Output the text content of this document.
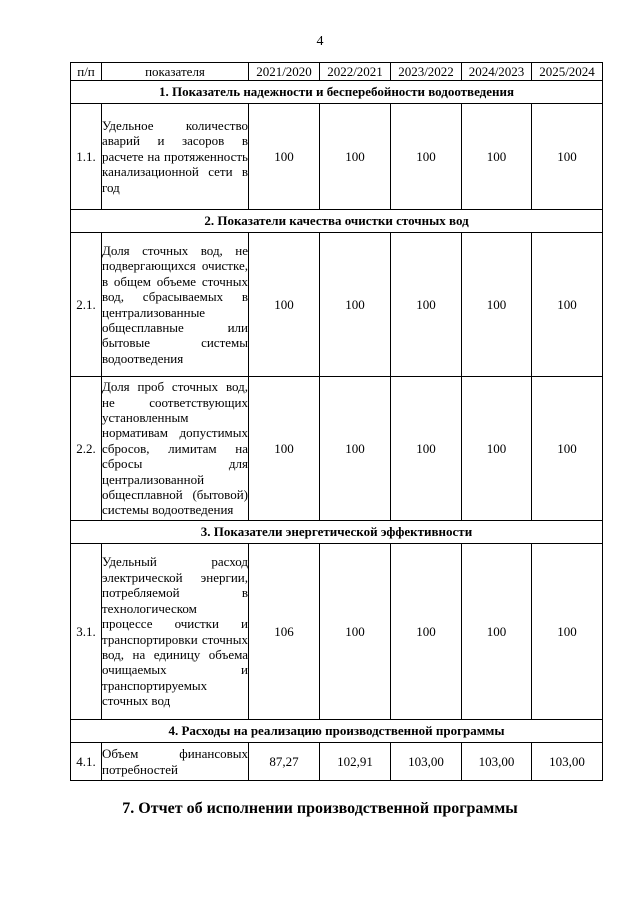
4
п/п	показателя	2021/2020	2022/2021	2023/2022	2024/2023	2025/2024
1. Показатель надежности и бесперебойности водоотведения						
1.1.	Удельное количество аварий и засоров в расчете на протяженность канализационной сети в год	100	100	100	100	100
2. Показатели качества очистки сточных вод						
2.1.	Доля сточных вод, не подвергающихся очистке, в общем объеме сточных вод, сбрасываемых в централизованные общесплавные или бытовые системы водоотведения	100	100	100	100	100
2.2.	Доля проб сточных вод, не соответствующих установленным нормативам допустимых сбросов, лимитам на сбросы для централизованной общесплавной (бытовой) системы водоотведения	100	100	100	100	100
3. Показатели энергетической эффективности						
3.1.	Удельный расход электрической энергии, потребляемой в технологическом процессе очистки и транспортировки сточных вод, на единицу объема очищаемых и транспортируемых сточных вод	106	100	100	100	100
4. Расходы на реализацию производственной программы						
4.1.	Объем финансовых потребностей	87,27	102,91	103,00	103,00	103,00
7. Отчет об исполнении производственной программы
